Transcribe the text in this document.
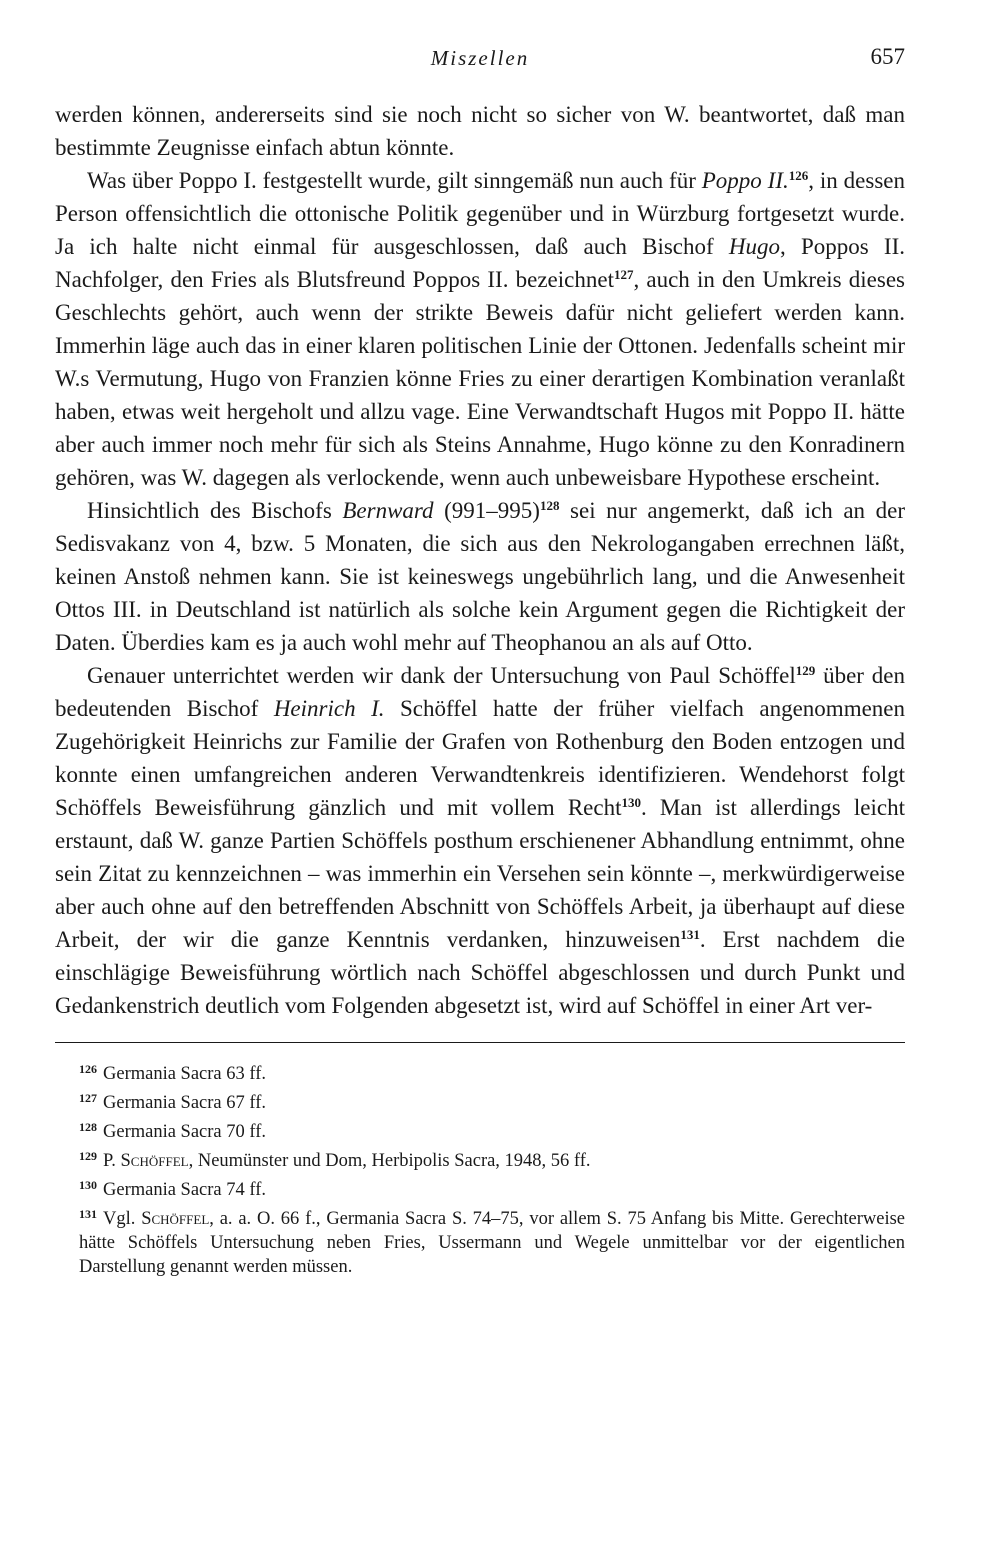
Miszellen	657

werden können, andererseits sind sie noch nicht so sicher von W. beantwortet, daß man bestimmte Zeugnisse einfach abtun könnte.

Was über Poppo I. festgestellt wurde, gilt sinngemäß nun auch für Poppo II.$^{126}$, in dessen Person offensichtlich die ottonische Politik gegenüber und in Würzburg fortgesetzt wurde. Ja ich halte nicht einmal für ausgeschlossen, daß auch Bischof Hugo, Poppos II. Nachfolger, den Fries als Blutsfreund Poppos II. bezeichnet$^{127}$, auch in den Umkreis dieses Geschlechts gehört, auch wenn der strikte Beweis dafür nicht geliefert werden kann. Immerhin läge auch das in einer klaren politischen Linie der Ottonen. Jedenfalls scheint mir W.s Vermutung, Hugo von Franzien könne Fries zu einer derartigen Kombination veranlaßt haben, etwas weit hergeholt und allzu vage. Eine Verwandtschaft Hugos mit Poppo II. hätte aber auch immer noch mehr für sich als Steins Annahme, Hugo könne zu den Konradinern gehören, was W. dagegen als verlockende, wenn auch unbeweisbare Hypothese erscheint.

Hinsichtlich des Bischofs Bernward $(991-995)^{128}$ sei nur angemerkt, daß ich an der Sedisvakanz von 4, bzw. 5 Monaten, die sich aus den Nekrologangaben errechnen läßt, keinen Anstoß nehmen kann. Sie ist keineswegs ungebührlich lang, und die Anwesenheit Ottos III. in Deutschland ist natürlich als solche kein Argument gegen die Richtigkeit der Daten. Überdies kam es ja auch wohl mehr auf Theophanou an als auf Otto.

Genauer unterrichtet werden wir dank der Untersuchung von Paul Schöffel$^{129}$ über den bedeutenden Bischof Heinrich I. Schöffel hatte der früher vielfach angenommenen Zugehörigkeit Heinrichs zur Familie der Grafen von Rothenburg den Boden entzogen und konnte einen umfangreichen anderen Verwandtenkreis identifizieren. Wendehorst folgt Schöffels Beweisführung gänzlich und mit vollem Recht$^{130}$. Man ist allerdings leicht erstaunt, daß W. ganze Partien Schöffels posthum erschienener Abhandlung entnimmt, ohne sein Zitat zu kennzeichnen – was immerhin ein Versehen sein könnte –, merkwürdigerweise aber auch ohne auf den betreffenden Abschnitt von Schöffels Arbeit, ja überhaupt auf diese Arbeit, der wir die ganze Kenntnis verdanken, hinzuweisen$^{131}$. Erst nachdem die einschlägige Beweisführung wörtlich nach Schöffel abgeschlossen und durch Punkt und Gedankenstrich deutlich vom Folgenden abgesetzt ist, wird auf Schöffel in einer Art ver-

$^{126}$ Germania Sacra 63 ff.
$^{127}$ Germania Sacra 67 ff.
$^{128}$ Germania Sacra 70 ff.
$^{129}$ P. Schöffel, Neumünster und Dom, Herbipolis Sacra, 1948, 56 ff.
$^{130}$ Germania Sacra 74 ff.
$^{131}$ Vgl. Schöffel, a. a. O. 66 f., Germania Sacra S. 74–75, vor allem S. 75 Anfang bis Mitte. Gerechterweise hätte Schöffels Untersuchung neben Fries, Ussermann und Wegele unmittelbar vor der eigentlichen Darstellung genannt werden müssen.
